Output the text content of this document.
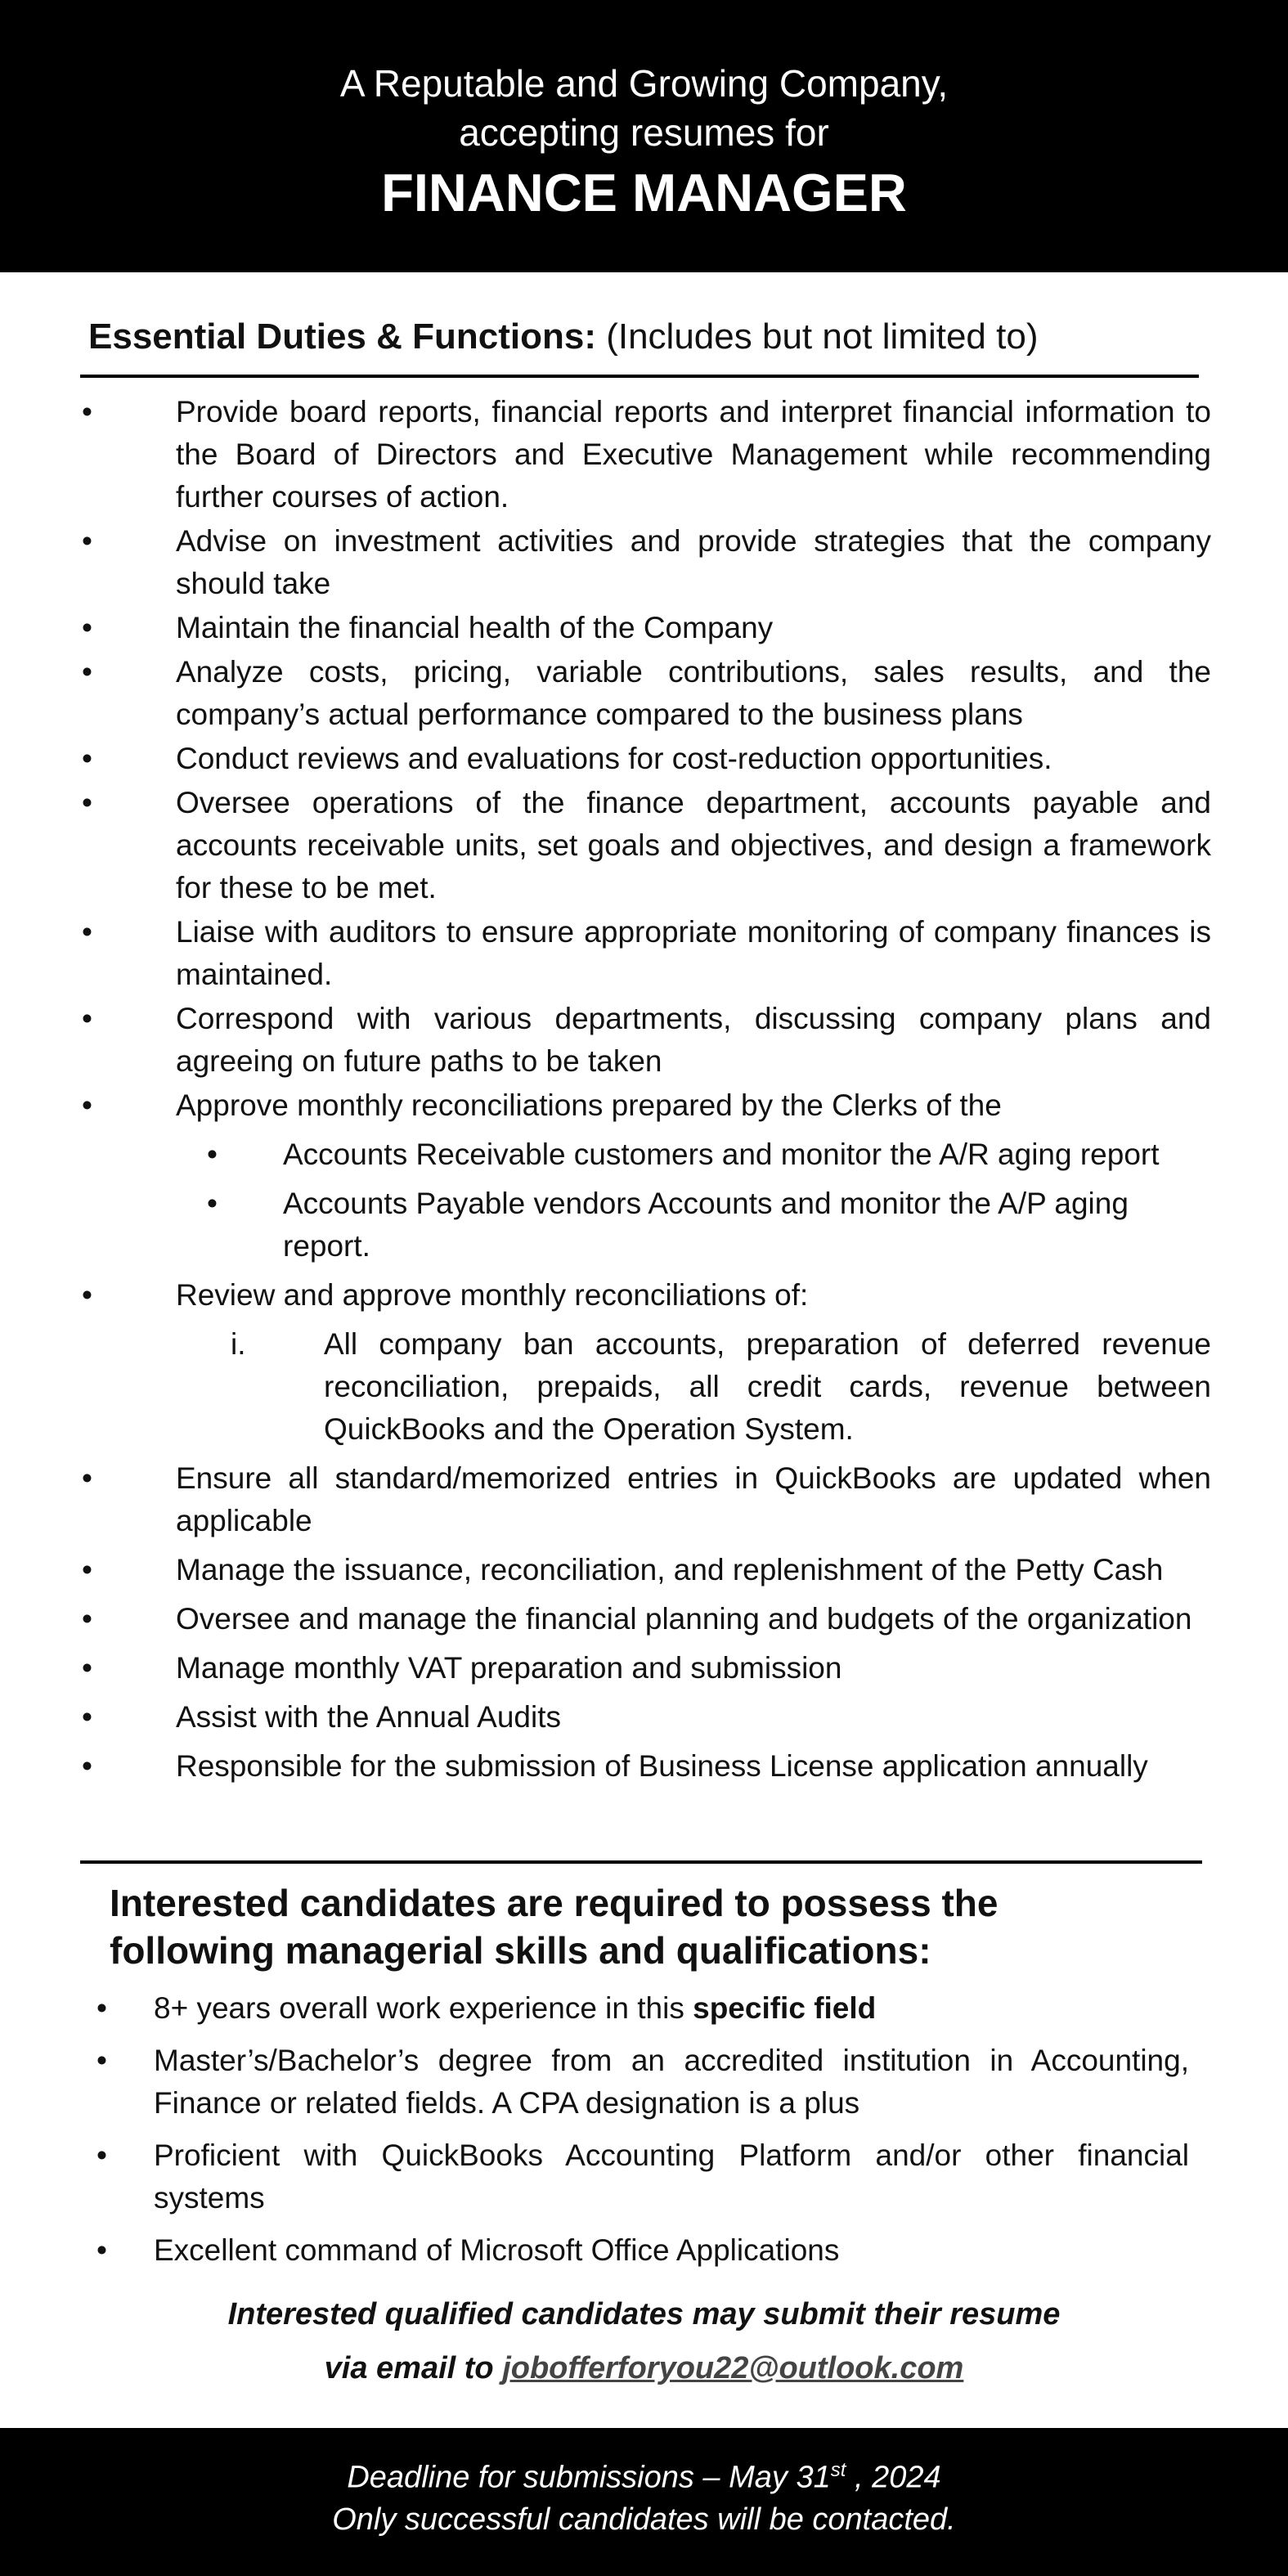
A Reputable and Growing Company,
accepting resumes for
FINANCE MANAGER
Essential Duties & Functions: (Includes but not limited to)
•	Provide board reports, financial reports and interpret financial information to the Board of Directors and Executive Management while recommending further courses of action.
•	Advise on investment activities and provide strategies that the company should take
•	Maintain the financial health of the Company
•	Analyze costs, pricing, variable contributions, sales results, and the company’s actual performance compared to the business plans
•	Conduct reviews and evaluations for cost-reduction opportunities.
•	Oversee operations of the finance department, accounts payable and accounts receivable units, set goals and objectives, and design a framework for these to be met.
•	Liaise with auditors to ensure appropriate monitoring of company finances is maintained.
•	Correspond with various departments, discussing company plans and agreeing on future paths to be taken
•	Approve monthly reconciliations prepared by the Clerks of the
• Accounts Receivable customers and monitor the A/R aging report
• Accounts Payable vendors Accounts and monitor the A/P aging report.
•	Review and approve monthly reconciliations of:
i.	All company ban accounts, preparation of deferred revenue reconciliation, prepaids, all credit cards, revenue between QuickBooks and the Operation System.
•	Ensure all standard/memorized entries in QuickBooks are updated when applicable
•	Manage the issuance, reconciliation, and replenishment of the Petty Cash
•	Oversee and manage the financial planning and budgets of the organization
•	Manage monthly VAT preparation and submission
•	Assist with the Annual Audits
•	Responsible for the submission of Business License application annually
Interested candidates are required to possess the
following managerial skills and qualifications:
• 8+ years overall work experience in this specific field
• Master’s/Bachelor’s degree from an accredited institution in Accounting, Finance or related fields. A CPA designation is a plus
• Proficient with QuickBooks Accounting Platform and/or other financial systems
• Excellent command of Microsoft Office Applications
Interested qualified candidates may submit their resume
via email to jobofferforyou22@outlook.com
Deadline for submissions – May 31st , 2024
Only successful candidates will be contacted.
